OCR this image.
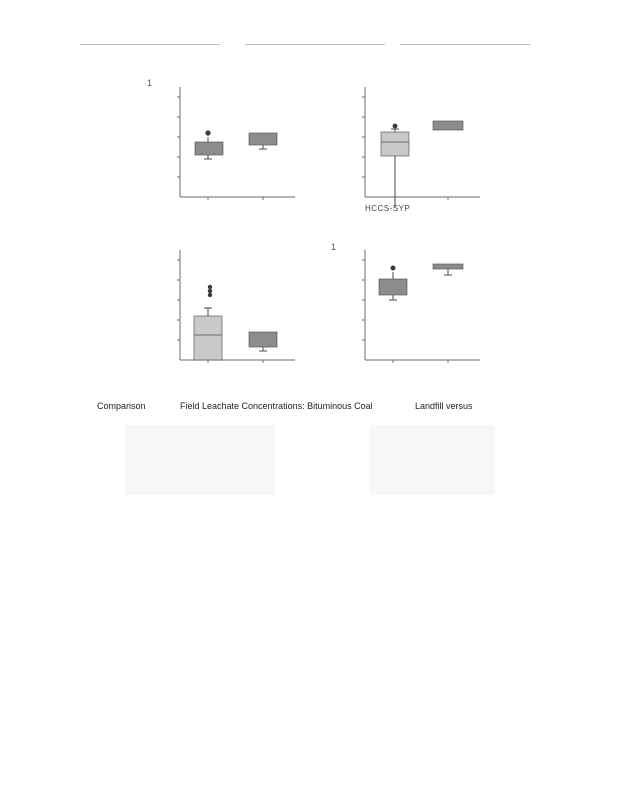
1
HCCS-SYP
1
Comparison	Field Leachate Concentrations: Bituminous Coal	Landfill versus
